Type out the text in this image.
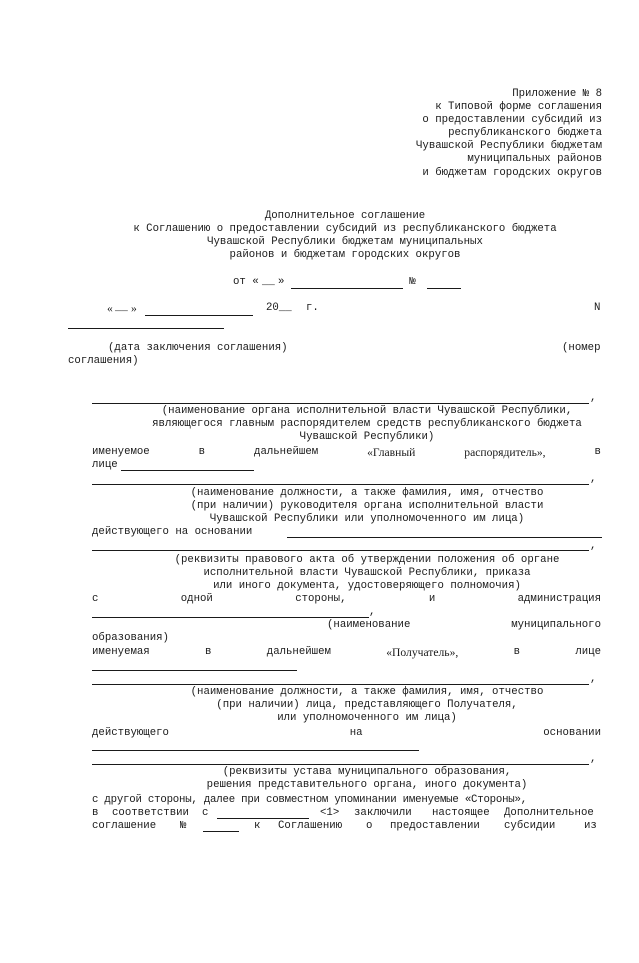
Приложение № 8
к Типовой форме соглашения
о предоставлении субсидий из
республиканского бюджета
Чувашской Республики бюджетам
муниципальных районов
и бюджетам городских округов
Дополнительное соглашение
к Соглашению о предоставлении субсидий из республиканского бюджета
Чувашской Республики бюджетам муниципальных
районов и бюджетам городских округов
от « __ »	№
« __ »	20__ г.	N
(дата заключения соглашения)	(номер
соглашения)
,
(наименование органа исполнительной власти Чувашской Республики,
являющегося главным распорядителем средств республиканского бюджета
Чувашской Республики)
именуемое	в	дальнейшем	«Главный	распорядитель»,	в
лице
,
(наименование должности, а также фамилия, имя, отчество
(при наличии) руководителя органа исполнительной власти
Чувашской Республики или уполномоченного им лица)
действующего на основании
,
(реквизиты правового акта об утверждении положения об органе
исполнительной власти Чувашской Республики, приказа
или иного документа, удостоверяющего полномочия)
с	одной	стороны,	и	администрация
,
(наименование	муниципального
образования)
именуемая	в	дальнейшем	«Получатель»,	в	лице
,
(наименование должности, а также фамилия, имя, отчество
(при наличии) лица, представляющего Получателя,
или уполномоченного им лица)
действующего	на	основании
,
(реквизиты устава муниципального образования,
решения представительного органа, иного документа)
с другой стороны, далее при совместном упоминании именуемые «Стороны»,

в

соответствии

с

	<1>

заключили

настоящее

Дополнительное

соглашение

№

	к

Соглашению

о

предоставлении

субсидии

	из
